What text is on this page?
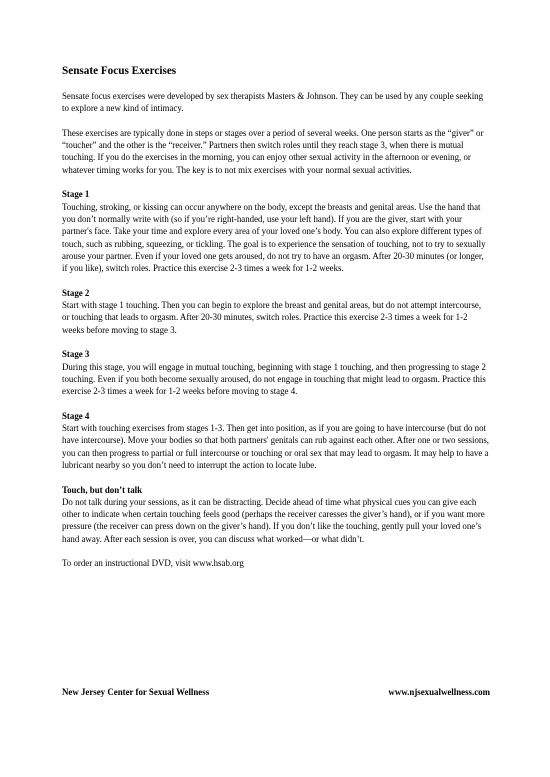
Sensate Focus Exercises

Sensate focus exercises were developed by sex therapists Masters & Johnson. They can be used by any couple seeking to explore a new kind of intimacy.

These exercises are typically done in steps or stages over a period of several weeks. One person starts as the “giver” or “toucher” and the other is the “receiver.” Partners then switch roles until they reach stage 3, when there is mutual touching. If you do the exercises in the morning, you can enjoy other sexual activity in the afternoon or evening, or whatever timing works for you. The key is to not mix exercises with your normal sexual activities.

Stage 1

Touching, stroking, or kissing can occur anywhere on the body, except the breasts and genital areas. Use the hand that you don’t normally write with (so if you’re right-handed, use your left hand). If you are the giver, start with your partner's face. Take your time and explore every area of your loved one’s body. You can also explore different types of touch, such as rubbing, squeezing, or tickling. The goal is to experience the sensation of touching, not to try to sexually arouse your partner. Even if your loved one gets aroused, do not try to have an orgasm. After 20-30 minutes (or longer, if you like), switch roles. Practice this exercise 2-3 times a week for 1-2 weeks.

Stage 2

Start with stage 1 touching. Then you can begin to explore the breast and genital areas, but do not attempt intercourse, or touching that leads to orgasm. After 20-30 minutes, switch roles. Practice this exercise 2-3 times a week for 1-2 weeks before moving to stage 3.

Stage 3

During this stage, you will engage in mutual touching, beginning with stage 1 touching, and then progressing to stage 2 touching. Even if you both become sexually aroused, do not engage in touching that might lead to orgasm. Practice this exercise 2-3 times a week for 1-2 weeks before moving to stage 4.

Stage 4

Start with touching exercises from stages 1-3. Then get into position, as if you are going to have intercourse (but do not have intercourse). Move your bodies so that both partners' genitals can rub against each other. After one or two sessions, you can then progress to partial or full intercourse or touching or oral sex that may lead to orgasm. It may help to have a lubricant nearby so you don’t need to interrupt the action to locate lube.

Touch, but don’t talk

Do not talk during your sessions, as it can be distracting. Decide ahead of time what physical cues you can give each other to indicate when certain touching feels good (perhaps the receiver caresses the giver’s hand), or if you want more pressure (the receiver can press down on the giver’s hand). If you don’t like the touching, gently pull your loved one’s hand away. After each session is over, you can discuss what worked—or what didn’t.

To order an instructional DVD, visit www.hsab.org

New Jersey Center for Sexual Wellness	www.njsexualwellness.com
